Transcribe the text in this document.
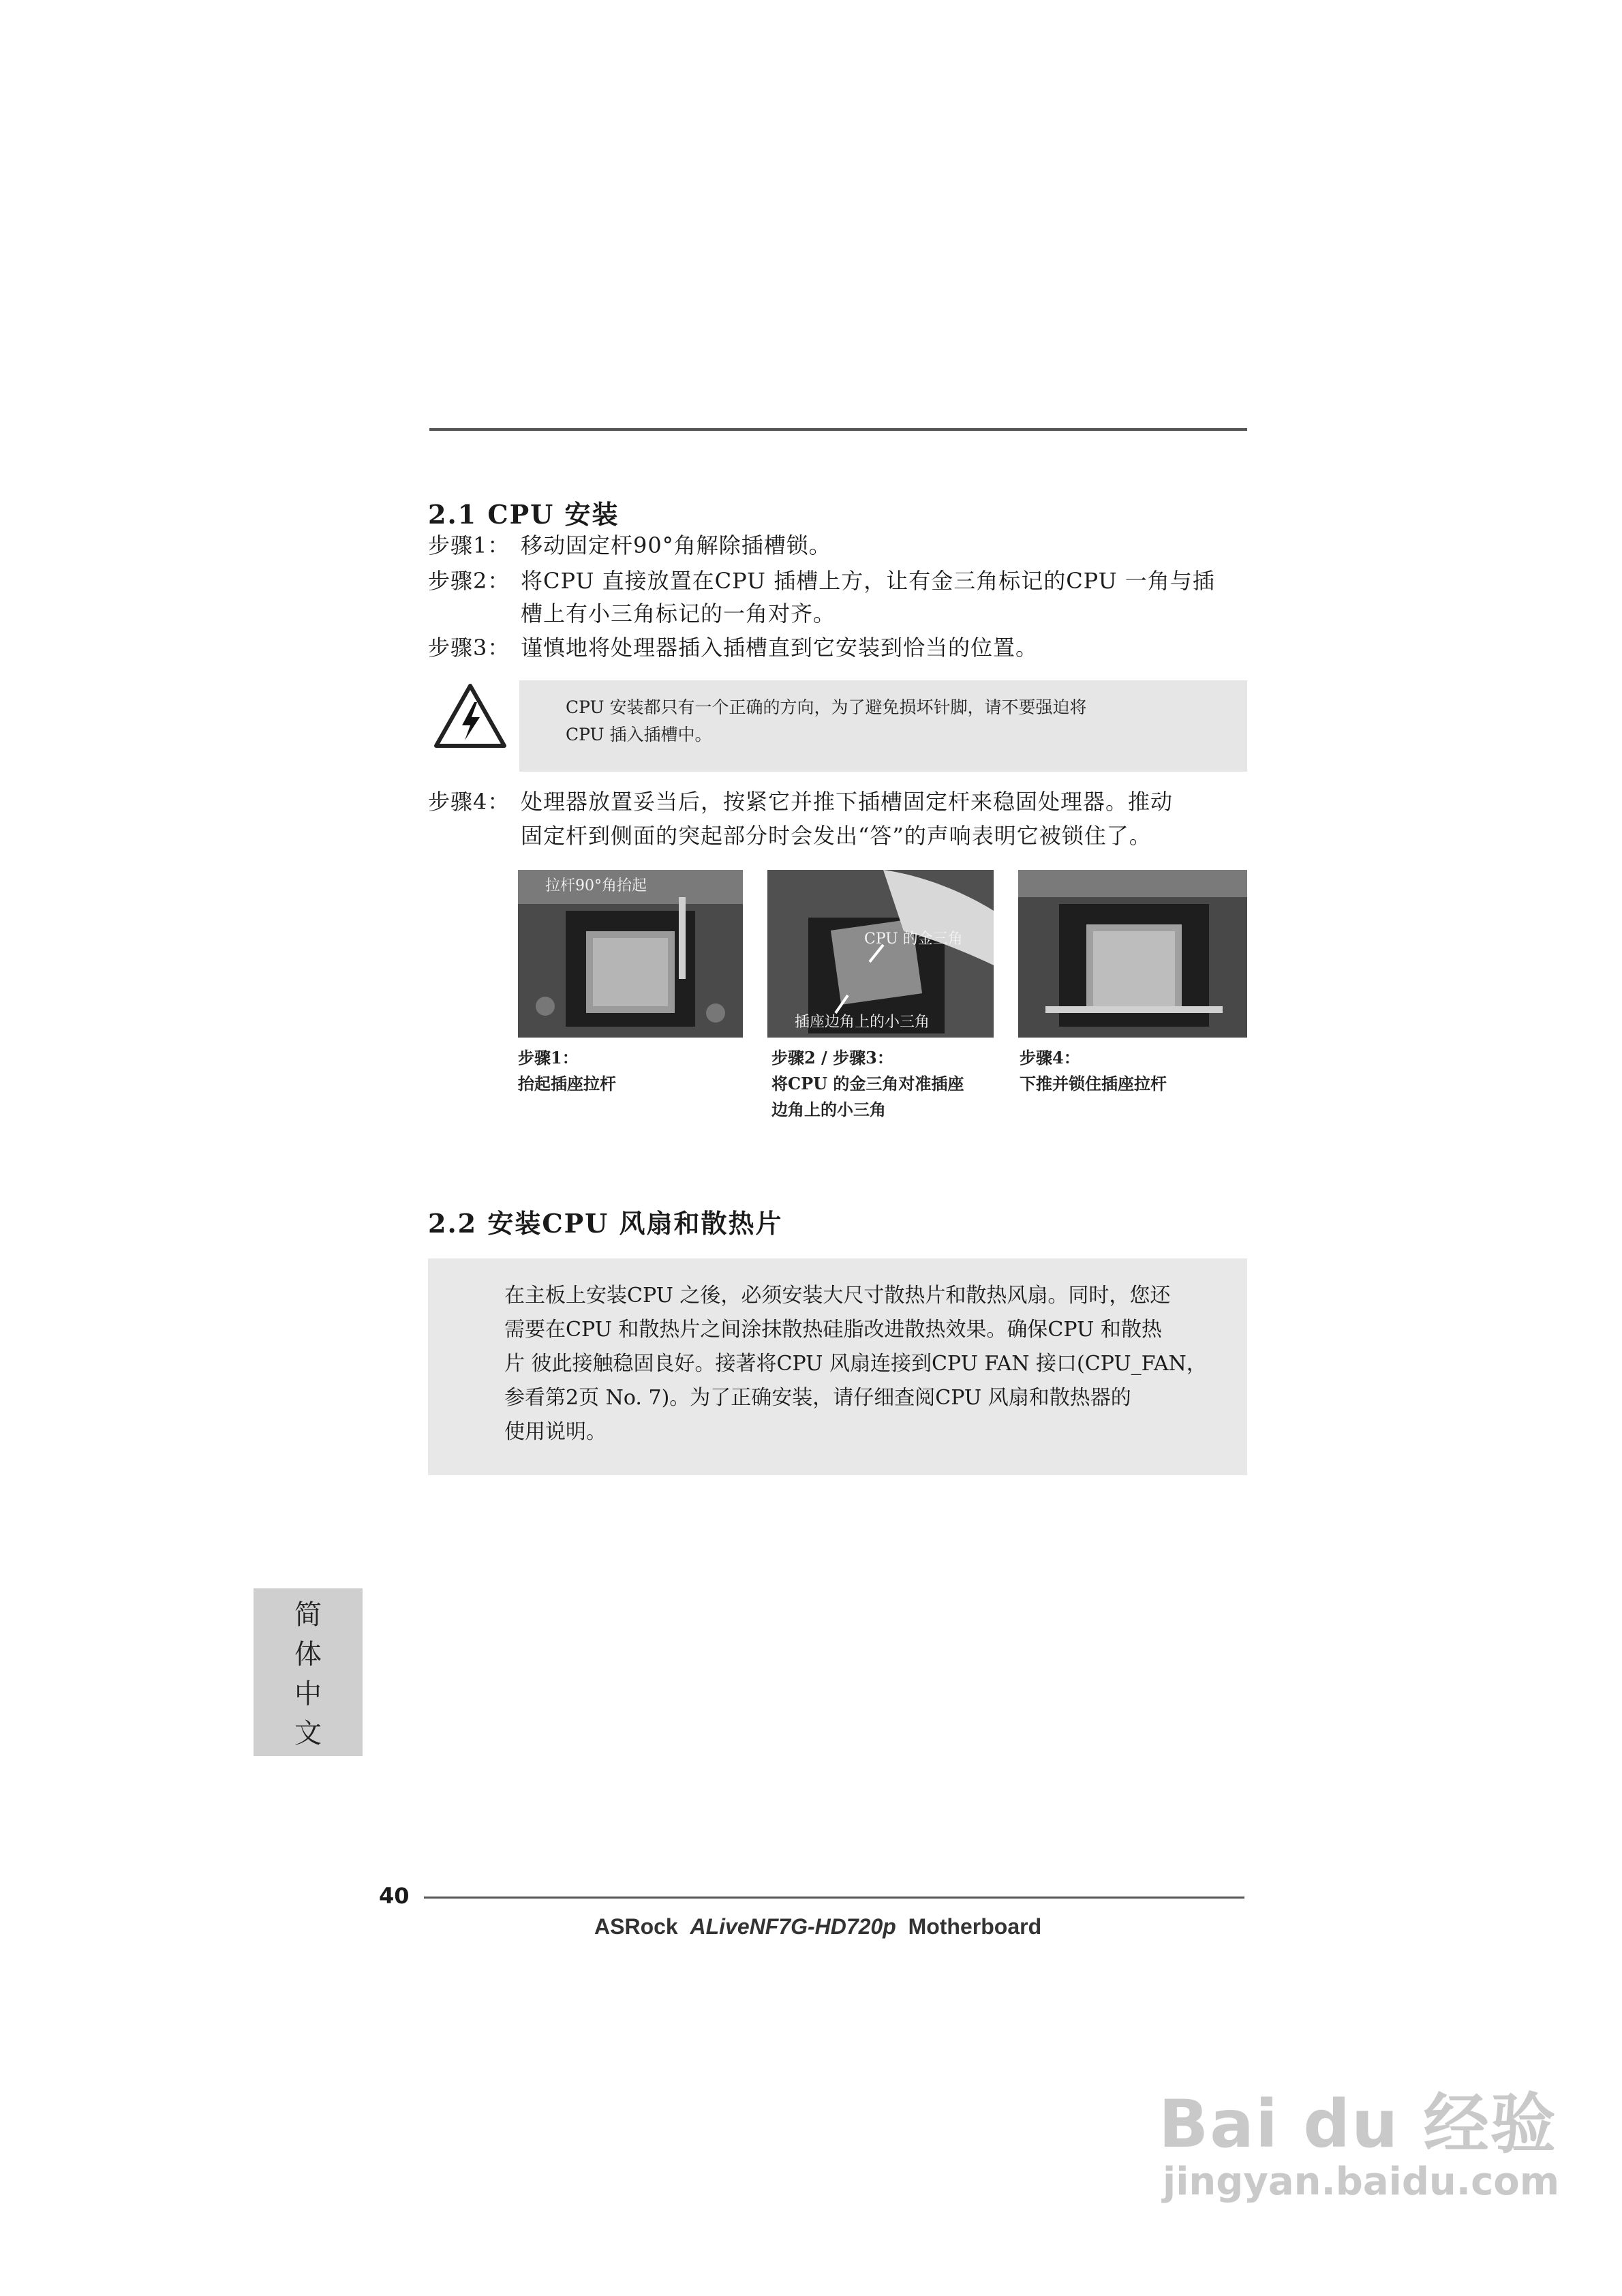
2.1 CPU 安装
步骤1： 移动固定杆90°角解除插槽锁。
步骤2： 将CPU 直接放置在CPU 插槽上方，让有金三角标记的CPU 一角与插
槽上有小三角标记的一角对齐。
步骤3： 谨慎地将处理器插入插槽直到它安装到恰当的位置。
CPU 安装都只有一个正确的方向，为了避免损坏针脚，请不要强迫将
CPU 插入插槽中。
步骤4： 处理器放置妥当后，按紧它并推下插槽固定杆来稳固处理器。推动
固定杆到侧面的突起部分时会发出“答”的声响表明它被锁住了。
拉杆90°角抬起
CPU 的金三角
插座边角上的小三角
步骤1：
抬起插座拉杆
步骤2 / 步骤3：
将CPU 的金三角对准插座
边角上的小三角
步骤4：
下推并锁住插座拉杆
2.2 安装CPU 风扇和散热片
在主板上安装CPU 之後，必须安装大尺寸散热片和散热风扇。同时，您还
需要在CPU 和散热片之间涂抹散热硅脂改进散热效果。确保CPU 和散热
片 彼此接触稳固良好。接著将CPU 风扇连接到CPU FAN 接口(CPU_FAN，
参看第2页 No. 7)。为了正确安装，请仔细查阅CPU 风扇和散热器的
使用说明。
简
体
中
文
40
ASRock ALiveNF7G-HD720p Motherboard
Bai du 经验
jingyan.baidu.com
